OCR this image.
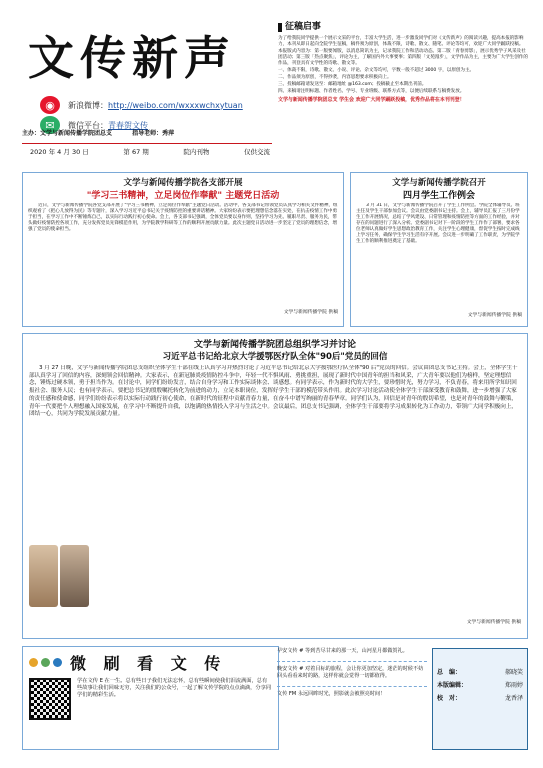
文传新声
◉	新浪微博： http://weibo.com/wxxxwchxytuan
✉	微信平台： 青春贺文传
主办：文学与新闻传播学院团总支	指导老师：秀萍
2020 年 4 月 30 日	第 67 期	院内刊物	仅供交流
征稿启事

为了给我院同学提供一个展示文采的平台，丰富大学生活，进一步激发同学们对《文传新声》的阅读兴趣，提高本报的影响力，本刊从即日起向全院学生征稿，稿件须为原创，体裁不限，诗歌、散文、随笔、评论等均可，欢迎广大同学踊跃投稿。

本报版式内容为：第一版要闻版，以消息简讯为主，记录我院工作和活动动态。第二版「青春剪影」，展示优秀学子风采及社团活动；第三版「热点聚焦」，评论为主，了解国内外大事要事；第四版「文苑漫步」，文学作品为主，主要为广大学生创作的作品，刊登具有文学性的诗歌、散文等。

一、体裁不限，诗歌、散文、小说、评论、杂文等均可，字数一般不超过 3000 字，以原创为主。

二、作品须为原创，不得抄袭，内容思想要求积极向上。

三、投稿邮箱请发送至：邮箱地址 @163.com；投稿截止至本期出刊前。

四、来稿请注明标题、作者姓名、学号、专业班级、联系方式等，以便后续联系与稿费发放。

文学与新闻传播学院团总支 学生会 欢迎广大同学踊跃投稿，优秀作品将在本刊刊登！
文学与新闻传播学院各支部开展
"学习三书精神，立足岗位作奉献" 主题党日活动
近日，文学与新闻传播学院各党支部开展了"学习三书精神，立足岗位作奉献"主题党日活动。活动中，各支部书记带领党员认真学习相关文件精神，组织观看了《把心儿放得为民》等专题片，深入学习习近平总书记关于疫情防控的重要讲话精神。大家纷纷表示要把理想信念落在实处，在抗击疫情工作中勇于担当，在学习工作中不断锤炼自己，以实际行动践行初心使命。会上，各支部书记强调，全体党员要以身作则，坚持学习为先、履职尽责、服务为民，带头做好疫情防控各项工作，充分发挥党员先锋模范作用，为学院教学科研等工作的顺利开展贡献力量。此次主题党日活动进一步坚定了党员的理想信念，增强了党员的使命担当。
文学与新闻传播学院 供稿
文学与新闻传播学院召开
四月学生工作例会
3 月 31 日，文学与新闻传播学院召开了学生工作例会。学院全体辅导员、班主任及学生干部参加会议。会议由党委副书记主持。会上，辅导员汇报了三月份学生工作开展情况，总结了学风建设、日常管理和疫情防控等方面的工作经验，并对存在的问题进行了深入分析。党委副书记对下一阶段的学生工作作了部署，要求各位老师认真做好学生思想政治教育工作，关注学生心理健康，督促学生按时完成线上学习任务，确保学生学习生活有序开展。会议进一步明确了工作职责，为学院学生工作的顺利推进奠定了基础。
文学与新闻传播学院 供稿
文学与新闻传播学院团总组织学习并讨论
习近平总书记给北京大学援鄂医疗队全体"90后"党员的回信
3 月 27 日晚，文学与新闻传播学院团总支组织全体学生干部在线上认真学习并热烈讨论了习近平总书记给北京大学援鄂医疗队全体"90 后"党员的回信。会议由团总支书记主持。会上，全体学生干部认真学习了回信的内容，深刻领会回信精神。大家表示，在新冠肺炎疫情防控斗争中，年轻一代不惧风雨、勇挑重担，展现了新时代中国青年的担当和风采，广大青年要以他们为榜样，坚定理想信念，锤炼过硬本领，勇于担当作为。在讨论中，同学们纷纷发言，结合自身学习和工作实际谈体会、谈感想。有同学表示，作为新时代的大学生，要珍惜时光，努力学习，不负青春，将来用所学知识回报社会、服务人民；也有同学表示，要把总书记的殷殷嘱托转化为前进的动力，立足本职岗位，发挥好学生干部的模范带头作用。此次学习讨论活动使全体学生干部深受教育和鼓舞，进一步增强了大家的责任感和使命感，同学们纷纷表示将以实际行动践行初心使命，在新时代的征程中贡献青春力量，在奋斗中谱写绚丽的青春华章。同学们认为，回信是对青年的殷切希望，也是对青年的鼓舞与鞭策，青年一代要把个人理想融入国家发展，在学习中不断提升自我，以饱满的热情投入学习与生活之中。会议最后，团总支书记强调，全体学生干部要将学习成果转化为工作动力，带领广大同学积极向上，团结一心，共同为学院发展贡献力量。
文学与新闻传播学院 供稿
微 刷 看 文 传
学在文传 E 在一生。总有些日子我们无法忘怀，总有些瞬间使我们泪流满面，总有些故事让我们回味无穷，关注我们的公众号，一起了解文传学院的点点滴滴，分享同学们的精彩生活。

早安文传 # 等到苦尽甘来的那一天，山河星月都做贺礼。

晚安文传 # 对着目标的旅程，会让你更加坚定，迷茫的时候不妨回头看看来时的路，这样你就会觉得一切都值得。

文传 FM 永远回眸时光，照影就会被照亮时间！

总　编：	郝晓笑
本版编辑：	郑雨婷
校　对：	龙香泽
